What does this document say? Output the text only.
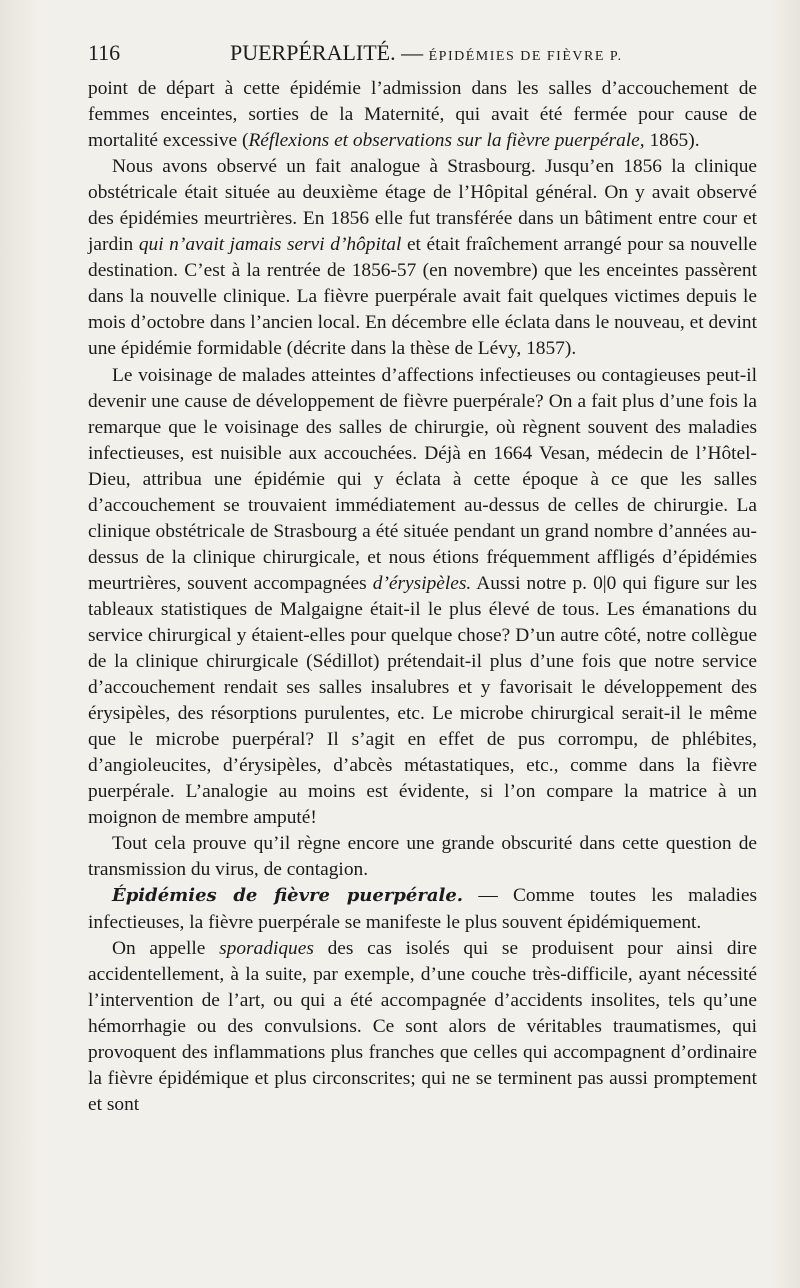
116	PUERPÉRALITÉ. — ÉPIDÉMIES DE FIÈVRE P.

point de départ à cette épidémie l’admission dans les salles d’accouchement de femmes enceintes, sorties de la Maternité, qui avait été fermée pour cause de mortalité excessive (Réflexions et observations sur la fièvre puerpérale, 1865).

Nous avons observé un fait analogue à Strasbourg. Jusqu’en 1856 la clinique obstétricale était située au deuxième étage de l’Hôpital général. On y avait observé des épidémies meurtrières. En 1856 elle fut transférée dans un bâtiment entre cour et jardin qui n’avait jamais servi d’hôpital et était fraîchement arrangé pour sa nouvelle destination. C’est à la rentrée de 1856-57 (en novembre) que les enceintes passèrent dans la nouvelle clinique. La fièvre puerpérale avait fait quelques victimes depuis le mois d’octobre dans l’ancien local. En décembre elle éclata dans le nouveau, et devint une épidémie formidable (décrite dans la thèse de Lévy, 1857).

Le voisinage de malades atteintes d’affections infectieuses ou contagieuses peut-il devenir une cause de développement de fièvre puerpérale? On a fait plus d’une fois la remarque que le voisinage des salles de chirurgie, où règnent souvent des maladies infectieuses, est nuisible aux accouchées. Déjà en 1664 Vesan, médecin de l’Hôtel-Dieu, attribua une épidémie qui y éclata à cette époque à ce que les salles d’accouchement se trouvaient immédiatement au-dessus de celles de chirurgie. La clinique obstétricale de Strasbourg a été située pendant un grand nombre d’années au-dessus de la clinique chirurgicale, et nous étions fréquemment affligés d’épidémies meurtrières, souvent accompagnées d’érysipèles. Aussi notre p. 0|0 qui figure sur les tableaux statistiques de Malgaigne était-il le plus élevé de tous. Les émanations du service chirurgical y étaient-elles pour quelque chose? D’un autre côté, notre collègue de la clinique chirurgicale (Sédillot) prétendait-il plus d’une fois que notre service d’accouchement rendait ses salles insalubres et y favorisait le développement des érysipèles, des résorptions purulentes, etc. Le microbe chirurgical serait-il le même que le microbe puerpéral? Il s’agit en effet de pus corrompu, de phlébites, d’angioleucites, d’érysipèles, d’abcès métastatiques, etc., comme dans la fièvre puerpérale. L’analogie au moins est évidente, si l’on compare la matrice à un moignon de membre amputé!

Tout cela prouve qu’il règne encore une grande obscurité dans cette question de transmission du virus, de contagion.

Épidémies de fièvre puerpérale. — Comme toutes les maladies infectieuses, la fièvre puerpérale se manifeste le plus souvent épidémiquement.

On appelle sporadiques des cas isolés qui se produisent pour ainsi dire accidentellement, à la suite, par exemple, d’une couche très-difficile, ayant nécessité l’intervention de l’art, ou qui a été accompagnée d’accidents insolites, tels qu’une hémorrhagie ou des convulsions. Ce sont alors de véritables traumatismes, qui provoquent des inflammations plus franches que celles qui accompagnent d’ordinaire la fièvre épidémique et plus circonscrites; qui ne se terminent pas aussi promptement et sont
